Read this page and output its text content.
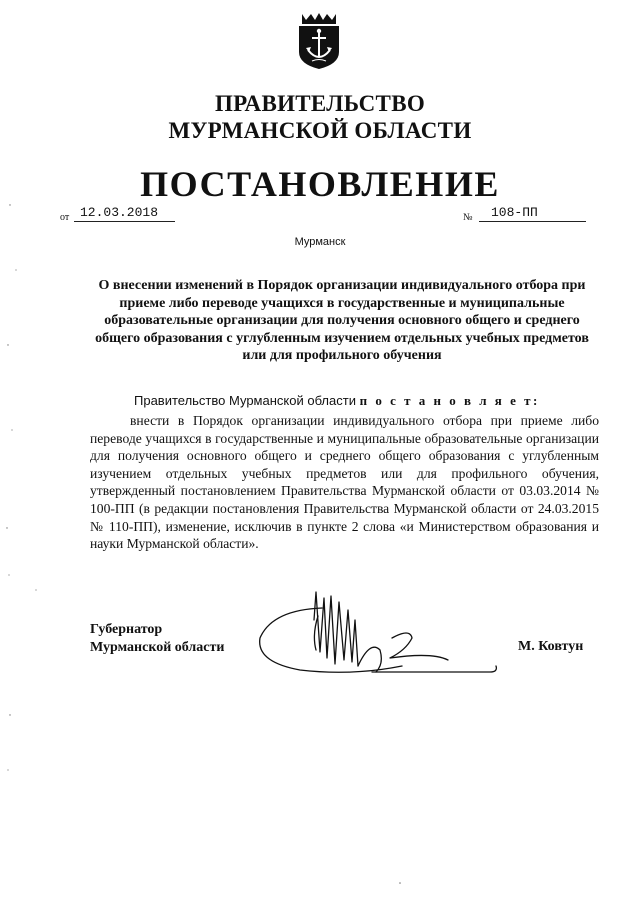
ПРАВИТЕЛЬСТВО
МУРМАНСКОЙ ОБЛАСТИ
ПОСТАНОВЛЕНИЕ
от 12.03.2018	№	108-ПП
Мурманск
О внесении изменений в Порядок организации индивидуального отбора при приеме либо переводе учащихся в государственные и муниципальные образовательные организации для получения основного общего и среднего общего образования с углубленным изучением отдельных учебных предметов или для профильного обучения
Правительство Мурманской области п о с т а н о в л я е т:
внести в Порядок организации индивидуального отбора при приеме либо переводе учащихся в государственные и муниципальные образовательные организации для получения основного общего и среднего общего образования с углубленным изучением отдельных учебных предметов или для профильного обучения, утвержденный постановлением Правительства Мурманской области от 03.03.2014 № 100-ПП (в редакции постановления Правительства Мурманской области от 24.03.2015 № 110-ПП), изменение, исключив в пункте 2 слова «и Министерством образования и науки Мурманской области».
Губернатор
Мурманской области	М. Ковтун
